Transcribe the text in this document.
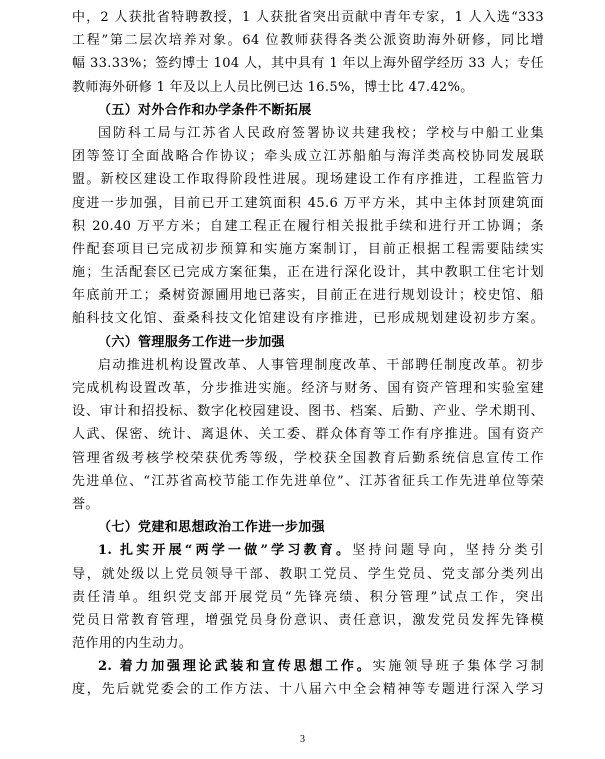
中，2 人获批省特聘教授，1 人获批省突出贡献中青年专家，1 人入选“333
工程”第二层次培养对象。64 位教师获得各类公派资助海外研修，同比增
幅 33.33%；签约博士 104 人，其中具有 1 年以上海外留学经历 33 人；专任
教师海外研修 1 年及以上人员比例已达 16.5%，博士比 47.42%。
（五）对外合作和办学条件不断拓展
国防科工局与江苏省人民政府签署协议共建我校；学校与中船工业集
团等签订全面战略合作协议；牵头成立江苏船舶与海洋类高校协同发展联
盟。新校区建设工作取得阶段性进展。现场建设工作有序推进，工程监管力
度进一步加强，目前已开工建筑面积 45.6 万平方米，其中主体封顶建筑面
积 20.40 万平方米；自建工程正在履行相关报批手续和进行开工协调；条
件配套项目已完成初步预算和实施方案制订，目前正根据工程需要陆续实
施；生活配套区已完成方案征集，正在进行深化设计，其中教职工住宅计划
年底前开工；桑树资源圃用地已落实，目前正在进行规划设计；校史馆、船
舶科技文化馆、蚕桑科技文化馆建设有序推进，已形成规划建设初步方案。
（六）管理服务工作进一步加强
启动推进机构设置改革、人事管理制度改革、干部聘任制度改革。初步
完成机构设置改革，分步推进实施。经济与财务、国有资产管理和实验室建
设、审计和招投标、数字化校园建设、图书、档案、后勤、产业、学术期刊、
人武、保密、统计、离退休、关工委、群众体育等工作有序推进。国有资产
管理省级考核学校荣获优秀等级，学校获全国教育后勤系统信息宣传工作
先进单位、“江苏省高校节能工作先进单位”、江苏省征兵工作先进单位等荣
誉。
（七）党建和思想政治工作进一步加强
1. 扎实开展“两学一做”学习教育。坚持问题导向，坚持分类引
导，就处级以上党员领导干部、教职工党员、学生党员、党支部分类列出
责任清单。组织党支部开展党员“先锋亮绩、积分管理”试点工作，突出
党员日常教育管理，增强党员身份意识、责任意识，激发党员发挥先锋模
范作用的内生动力。
2. 着力加强理论武装和宣传思想工作。实施领导班子集体学习制
度，先后就党委会的工作方法、十八届六中全会精神等专题进行深入学习
3
